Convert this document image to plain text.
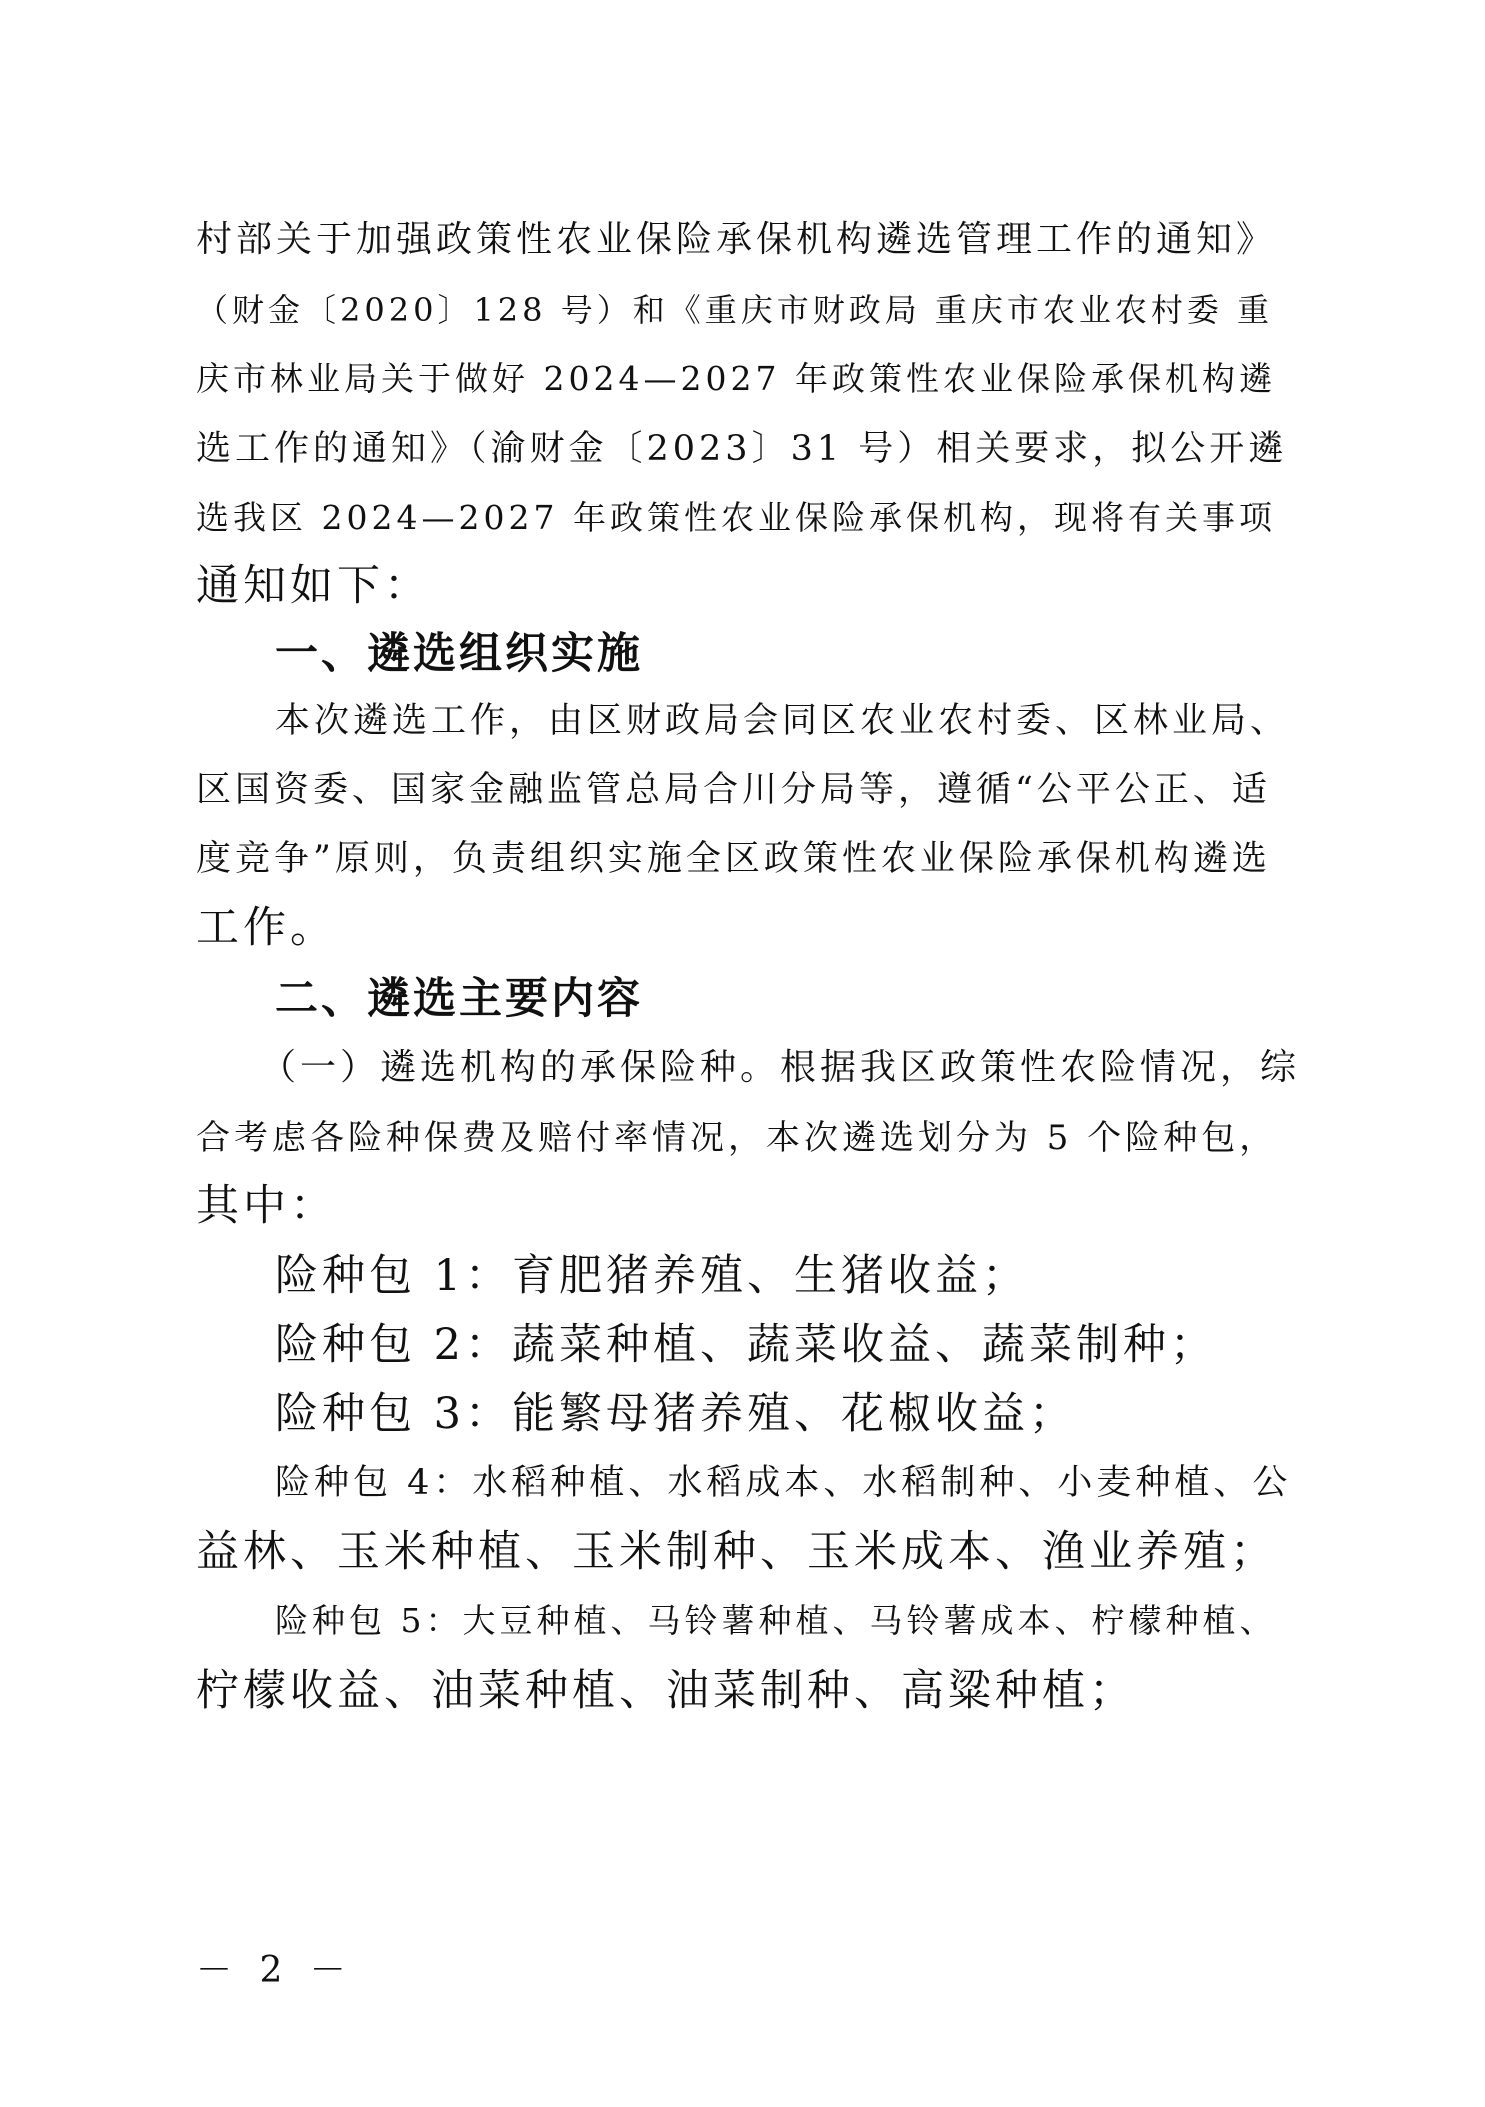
村部关于加强政策性农业保险承保机构遴选管理工作的通知》
（财金〔2020〕128 号）和《重庆市财政局 重庆市农业农村委 重
庆市林业局关于做好 2024—2027 年政策性农业保险承保机构遴
选工作的通知》（渝财金〔2023〕31 号）相关要求，拟公开遴
选我区 2024—2027 年政策性农业保险承保机构，现将有关事项
通知如下：
一、遴选组织实施
本次遴选工作，由区财政局会同区农业农村委、区林业局、
区国资委、国家金融监管总局合川分局等，遵循“公平公正、适
度竞争”原则，负责组织实施全区政策性农业保险承保机构遴选
工作。
二、遴选主要内容
（一）遴选机构的承保险种。根据我区政策性农险情况，综
合考虑各险种保费及赔付率情况，本次遴选划分为 5 个险种包，
其中：
险种包 1：育肥猪养殖、生猪收益；
险种包 2：蔬菜种植、蔬菜收益、蔬菜制种；
险种包 3：能繁母猪养殖、花椒收益；
险种包 4：水稻种植、水稻成本、水稻制种、小麦种植、公
益林、玉米种植、玉米制种、玉米成本、渔业养殖；
险种包 5：大豆种植、马铃薯种植、马铃薯成本、柠檬种植、
柠檬收益、油菜种植、油菜制种、高粱种植；
－ 2 －
